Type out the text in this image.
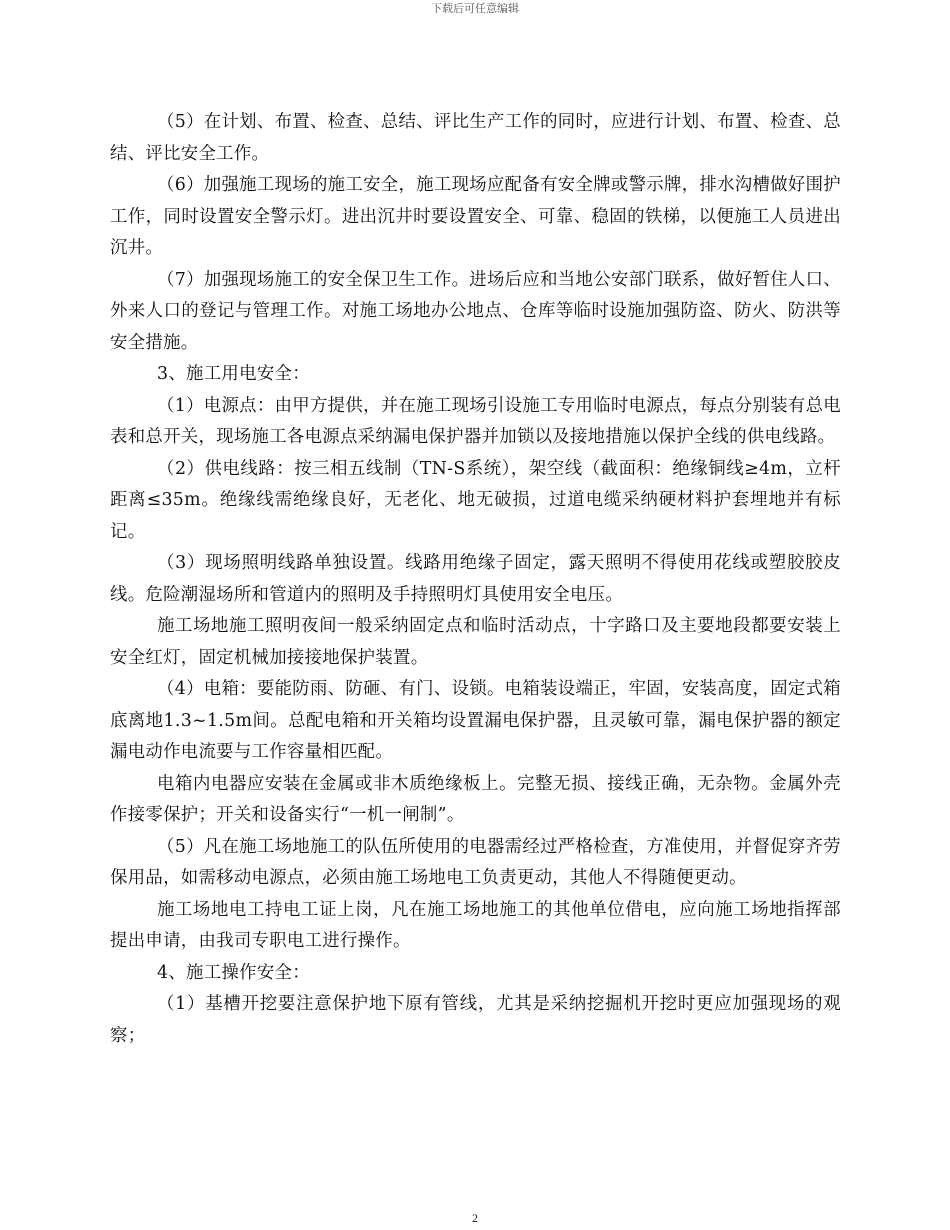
下载后可任意编辑

（5）在计划、布置、检查、总结、评比生产工作的同时，应进行计划、布置、检查、总结、评比安全工作。

（6）加强施工现场的施工安全，施工现场应配备有安全牌或警示牌，排水沟槽做好围护工作，同时设置安全警示灯。进出沉井时要设置安全、可靠、稳固的铁梯，以便施工人员进出沉井。

（7）加强现场施工的安全保卫生工作。进场后应和当地公安部门联系，做好暂住人口、外来人口的登记与管理工作。对施工场地办公地点、仓库等临时设施加强防盗、防火、防洪等安全措施。

3、施工用电安全：

（1）电源点：由甲方提供，并在施工现场引设施工专用临时电源点，每点分别装有总电表和总开关，现场施工各电源点采纳漏电保护器并加锁以及接地措施以保护全线的供电线路。

（2）供电线路：按三相五线制（TN-S系统），架空线（截面积：绝缘铜线≥4m，立杆距离≤35m。绝缘线需绝缘良好，无老化、地无破损，过道电缆采纳硬材料护套埋地并有标记。

（3）现场照明线路单独设置。线路用绝缘子固定，露天照明不得使用花线或塑胶胶皮线。危险潮湿场所和管道内的照明及手持照明灯具使用安全电压。

施工场地施工照明夜间一般采纳固定点和临时活动点，十字路口及主要地段都要安装上安全红灯，固定机械加接接地保护装置。

（4）电箱：要能防雨、防砸、有门、设锁。电箱装设端正，牢固，安装高度，固定式箱底离地1.3~1.5m间。总配电箱和开关箱均设置漏电保护器，且灵敏可靠，漏电保护器的额定漏电动作电流要与工作容量相匹配。

电箱内电器应安装在金属或非木质绝缘板上。完整无损、接线正确，无杂物。金属外壳作接零保护；开关和设备实行“一机一闸制”。

（5）凡在施工场地施工的队伍所使用的电器需经过严格检查，方准使用，并督促穿齐劳保用品，如需移动电源点，必须由施工场地电工负责更动，其他人不得随便更动。

施工场地电工持电工证上岗，凡在施工场地施工的其他单位借电，应向施工场地指挥部提出申请，由我司专职电工进行操作。

4、施工操作安全：

（1）基槽开挖要注意保护地下原有管线，尤其是采纳挖掘机开挖时更应加强现场的观察；

2
